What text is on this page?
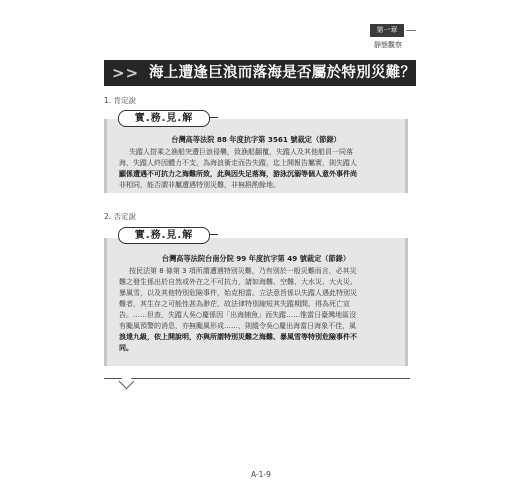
第一章
靜態觀察
>> 海上遭逢巨浪而落海是否屬於特別災難？
1. 肯定說
實.務.見.解
台灣高等法院 88 年度抗字第 3561 號裁定（節錄）
失蹤人搭乘之漁船突遭巨浪侵襲，致漁船翻覆，失蹤人及其他船員一同落
海，失蹤人終因體力不支，為海浪衝走而告失蹤，迄上開報告屬實，則失蹤人
顯係遭遇不可抗力之海難所致，此與因失足落海，游泳沉溺等個人意外事件尚
非相同，能否謂非屬遭遇特別災難，非無斟酌餘地。
2. 否定說
實.務.見.解
台灣高等法院台南分院 99 年度抗字第 49 號裁定（節錄）
按民法第 8 條第 3 項所謂遭遇特別災難，乃有別於一般災難而言，必其災
難之發生係出於自然或外在之不可抗力，諸如海難、空難、大水災、大火災、
暴風雪，以及其他特別危險事件，始克相當。立法意旨係以失蹤人遇此特別災
難者，其生存之可能性甚為渺茫，故法律特別縮短其失蹤期間，得為死亡宣
告。……但查，失蹤人吳○慶係因「出海捕魚」而失蹤……惟當日臺灣地區沒
有颱風預警的消息，亦無颱風形成……，則縱令吳○慶出海當日海象不佳，風
浪達九級，依上開說明，亦與所謂特別災難之海難、暴風雪等特別危險事件不
同。
A-1-9
